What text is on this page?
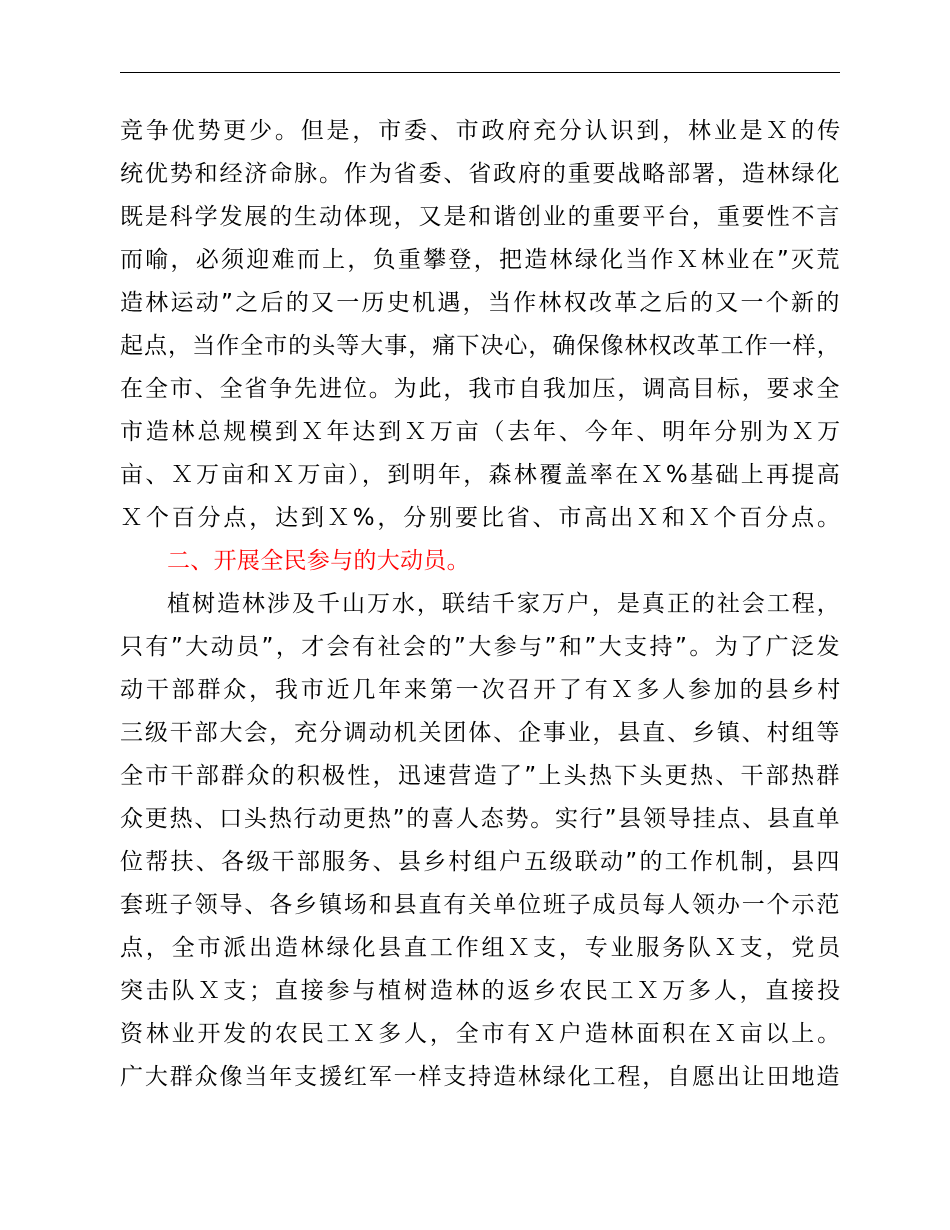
竞争优势更少。但是，市委、市政府充分认识到，林业是Ｘ的传
统优势和经济命脉。作为省委、省政府的重要战略部署，造林绿化
既是科学发展的生动体现，又是和谐创业的重要平台，重要性不言
而喻，必须迎难而上，负重攀登，把造林绿化当作Ｘ林业在”灭荒
造林运动”之后的又一历史机遇，当作林权改革之后的又一个新的
起点，当作全市的头等大事，痛下决心，确保像林权改革工作一样，
在全市、全省争先进位。为此，我市自我加压，调高目标，要求全
市造林总规模到Ｘ年达到Ｘ万亩（去年、今年、明年分别为Ｘ万
亩、Ｘ万亩和Ｘ万亩），到明年，森林覆盖率在Ｘ%基础上再提高
Ｘ个百分点，达到Ｘ%，分别要比省、市高出Ｘ和Ｘ个百分点。
二、开展全民参与的大动员。
植树造林涉及千山万水，联结千家万户，是真正的社会工程，
只有”大动员”，才会有社会的”大参与”和”大支持”。为了广泛发
动干部群众，我市近几年来第一次召开了有Ｘ多人参加的县乡村
三级干部大会，充分调动机关团体、企事业，县直、乡镇、村组等
全市干部群众的积极性，迅速营造了”上头热下头更热、干部热群
众更热、口头热行动更热”的喜人态势。实行”县领导挂点、县直单
位帮扶、各级干部服务、县乡村组户五级联动”的工作机制，县四
套班子领导、各乡镇场和县直有关单位班子成员每人领办一个示范
点，全市派出造林绿化县直工作组Ｘ支，专业服务队Ｘ支，党员
突击队Ｘ支；直接参与植树造林的返乡农民工Ｘ万多人，直接投
资林业开发的农民工Ｘ多人，全市有Ｘ户造林面积在Ｘ亩以上。
广大群众像当年支援红军一样支持造林绿化工程，自愿出让田地造
